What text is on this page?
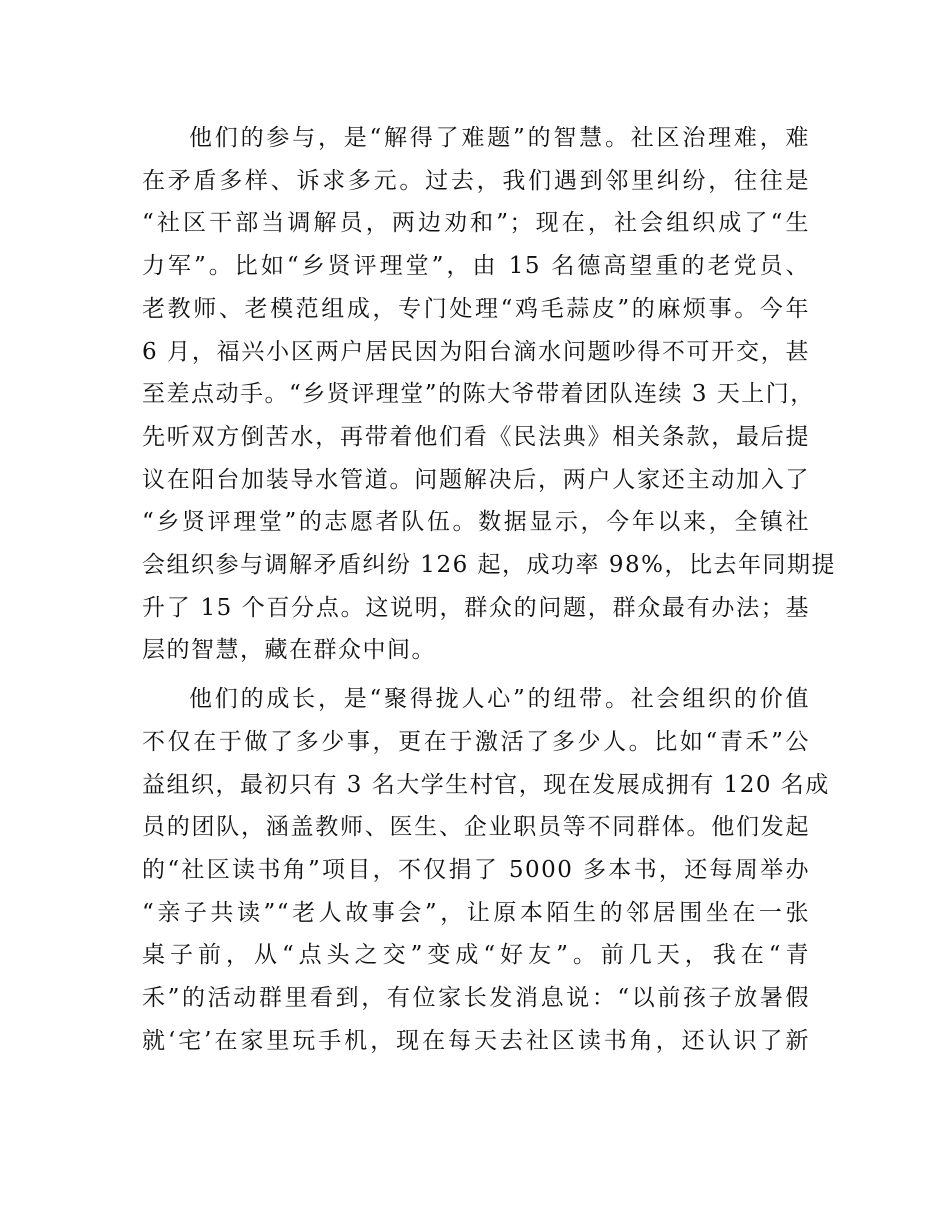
他们的参与，是“解得了难题”的智慧。社区治理难，难
在矛盾多样、诉求多元。过去，我们遇到邻里纠纷，往往是
“社区干部当调解员，两边劝和”；现在，社会组织成了“生
力军”。比如“乡贤评理堂”，由 15 名德高望重的老党员、
老教师、老模范组成，专门处理“鸡毛蒜皮”的麻烦事。今年
6 月，福兴小区两户居民因为阳台滴水问题吵得不可开交，甚
至差点动手。“乡贤评理堂”的陈大爷带着团队连续 3 天上门，
先听双方倒苦水，再带着他们看《民法典》相关条款，最后提
议在阳台加装导水管道。问题解决后，两户人家还主动加入了
“乡贤评理堂”的志愿者队伍。数据显示，今年以来，全镇社
会组织参与调解矛盾纠纷 126 起，成功率 98%，比去年同期提
升了 15 个百分点。这说明，群众的问题，群众最有办法；基
层的智慧，藏在群众中间。
他们的成长，是“聚得拢人心”的纽带。社会组织的价值
不仅在于做了多少事，更在于激活了多少人。比如“青禾”公
益组织，最初只有 3 名大学生村官，现在发展成拥有 120 名成
员的团队，涵盖教师、医生、企业职员等不同群体。他们发起
的“社区读书角”项目，不仅捐了 5000 多本书，还每周举办
“亲子共读”“老人故事会”，让原本陌生的邻居围坐在一张
桌子前，从“点头之交”变成“好友”。前几天，我在“青
禾”的活动群里看到，有位家长发消息说：“以前孩子放暑假
就‘宅’在家里玩手机，现在每天去社区读书角，还认识了新
